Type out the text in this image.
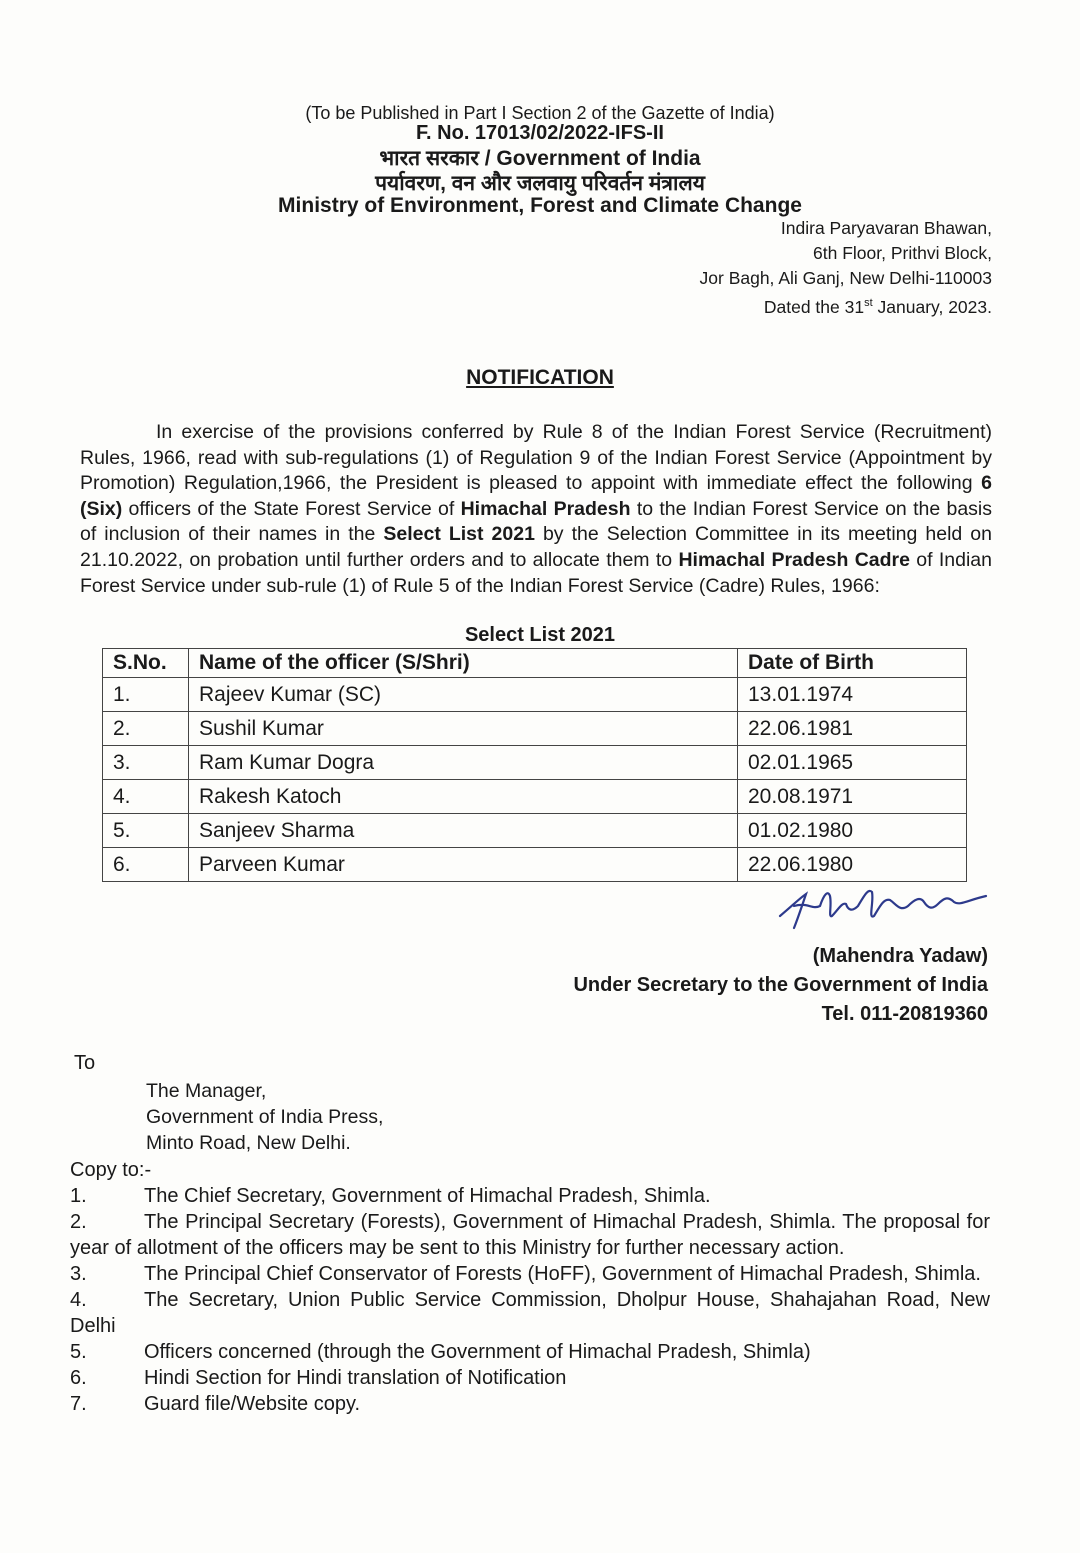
(To be Published in Part I Section 2 of the Gazette of India)
F. No. 17013/02/2022-IFS-II
भारत सरकार / Government of India
पर्यावरण, वन और जलवायु परिवर्तन मंत्रालय
Ministry of Environment, Forest and Climate Change
Indira Paryavaran Bhawan,
6th Floor, Prithvi Block,
Jor Bagh, Ali Ganj, New Delhi-110003
Dated the 31st January, 2023.
NOTIFICATION
In exercise of the provisions conferred by Rule 8 of the Indian Forest Service (Recruitment) Rules, 1966, read with sub-regulations (1) of Regulation 9 of the Indian Forest Service (Appointment by Promotion) Regulation,1966, the President is pleased to appoint with immediate effect the following 6 (Six) officers of the State Forest Service of Himachal Pradesh to the Indian Forest Service on the basis of inclusion of their names in the Select List 2021 by the Selection Committee in its meeting held on 21.10.2022, on probation until further orders and to allocate them to Himachal Pradesh Cadre of Indian Forest Service under sub-rule (1) of Rule 5 of the Indian Forest Service (Cadre) Rules, 1966:
Select List 2021
S.No.	Name of the officer (S/Shri)	Date of Birth
1.	Rajeev Kumar (SC)	13.01.1974
2.	Sushil Kumar	22.06.1981
3.	Ram Kumar Dogra	02.01.1965
4.	Rakesh Katoch	20.08.1971
5.	Sanjeev Sharma	01.02.1980
6.	Parveen Kumar	22.06.1980
(Mahendra Yadaw)
Under Secretary to the Government of India
Tel. 011-20819360
To
The Manager,
Government of India Press,
Minto Road, New Delhi.
Copy to:-
1.	The Chief Secretary, Government of Himachal Pradesh, Shimla.
2.	The Principal Secretary (Forests), Government of Himachal Pradesh, Shimla. The proposal for year of allotment of the officers may be sent to this Ministry for further necessary action.
3.	The Principal Chief Conservator of Forests (HoFF), Government of Himachal Pradesh, Shimla.
4.	The Secretary, Union Public Service Commission, Dholpur House, Shahajahan Road, New Delhi
5.	Officers concerned (through the Government of Himachal Pradesh, Shimla)
6.	Hindi Section for Hindi translation of Notification
7.	Guard file/Website copy.
